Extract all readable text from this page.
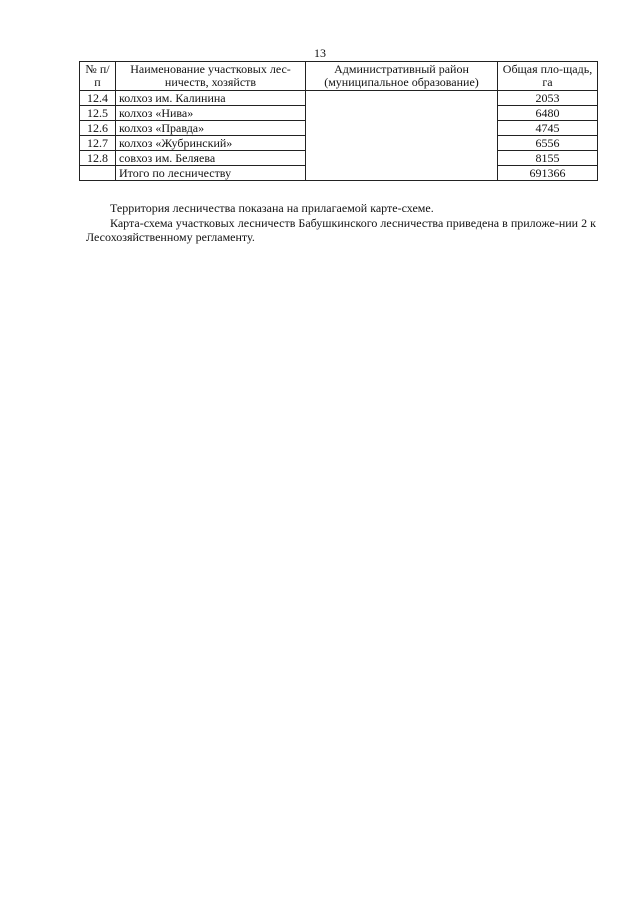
13
№ п/п	Наименование участковых лес-ничеств, хозяйств	Административный район (муниципальное образование)	Общая пло-щадь, га
12.4	колхоз им. Калинина		2053
12.5	колхоз «Нива»		6480
12.6	колхоз «Правда»		4745
12.7	колхоз «Жубринский»		6556
12.8	совхоз им. Беляева		8155
	Итого по лесничеству		691366

Территория лесничества показана на прилагаемой карте-схеме.

Карта-схема участковых лесничеств Бабушкинского лесничества приведена в приложе-нии 2 к Лесохозяйственному регламенту.
